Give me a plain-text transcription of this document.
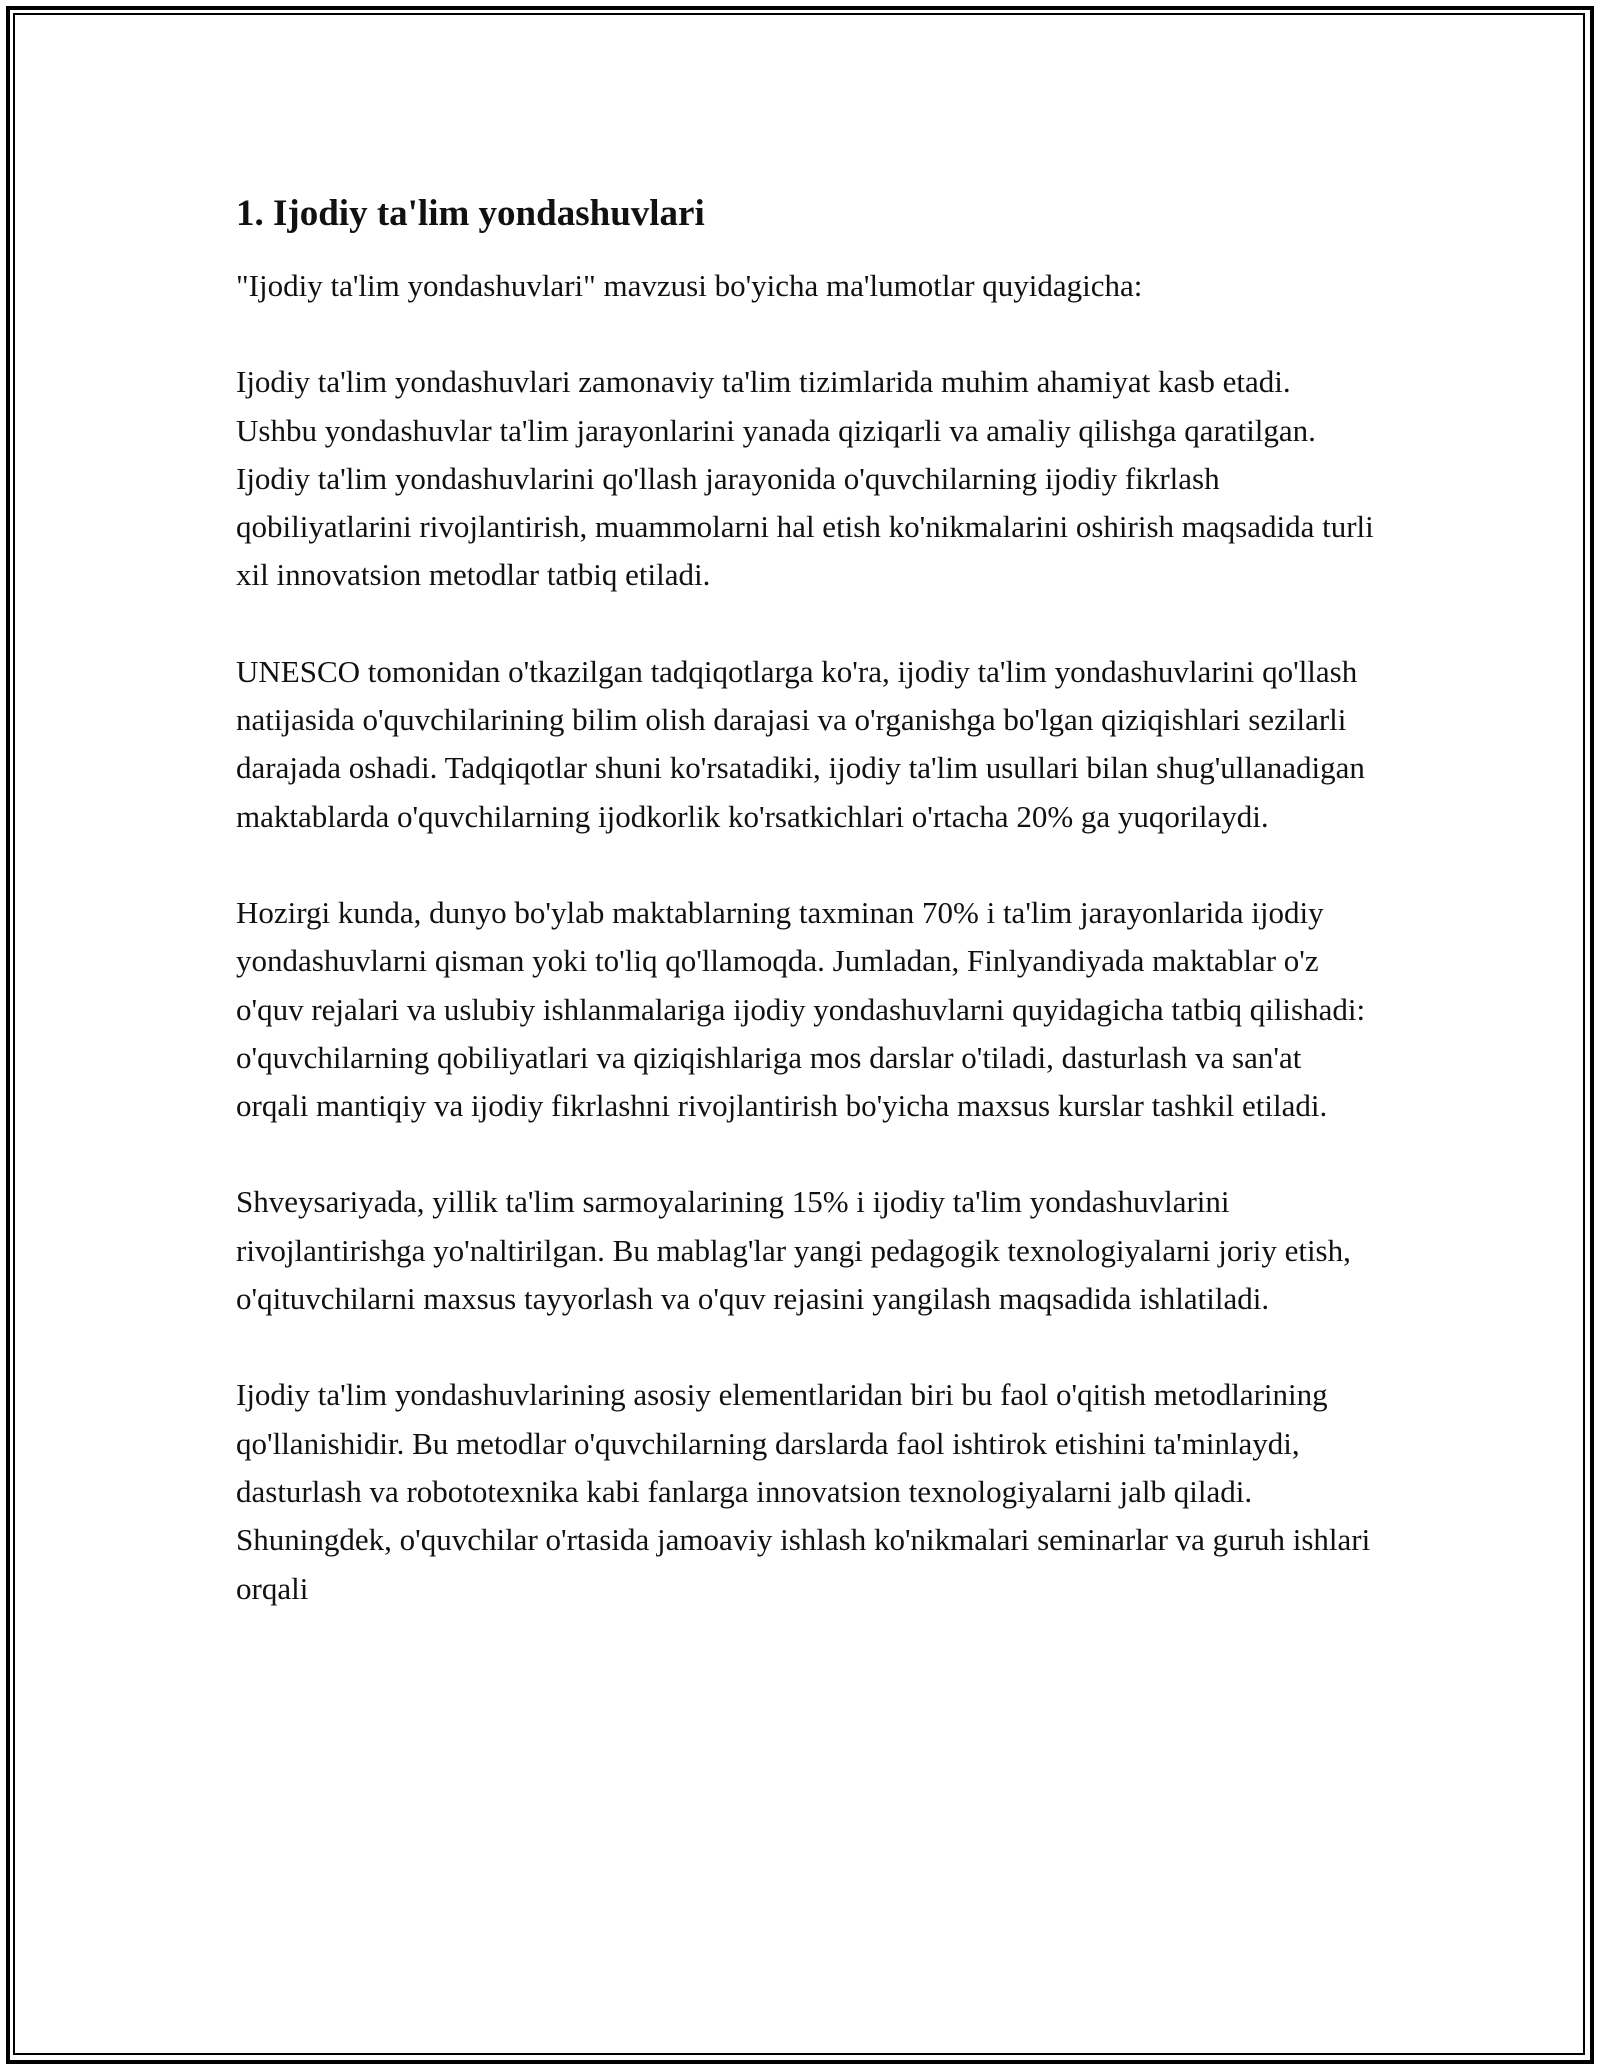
1. Ijodiy ta'lim yondashuvlari

"Ijodiy ta'lim yondashuvlari" mavzusi bo'yicha ma'lumotlar quyidagicha:

Ijodiy ta'lim yondashuvlari zamonaviy ta'lim tizimlarida muhim ahamiyat kasb etadi. Ushbu yondashuvlar ta'lim jarayonlarini yanada qiziqarli va amaliy qilishga qaratilgan. Ijodiy ta'lim yondashuvlarini qo'llash jarayonida o'quvchilarning ijodiy fikrlash qobiliyatlarini rivojlantirish, muammolarni hal etish ko'nikmalarini oshirish maqsadida turli xil innovatsion metodlar tatbiq etiladi.

UNESCO tomonidan o'tkazilgan tadqiqotlarga ko'ra, ijodiy ta'lim yondashuvlarini qo'llash natijasida o'quvchilarining bilim olish darajasi va o'rganishga bo'lgan qiziqishlari sezilarli darajada oshadi. Tadqiqotlar shuni ko'rsatadiki, ijodiy ta'lim usullari bilan shug'ullanadigan maktablarda o'quvchilarning ijodkorlik ko'rsatkichlari o'rtacha 20% ga yuqorilaydi.

Hozirgi kunda, dunyo bo'ylab maktablarning taxminan 70% i ta'lim jarayonlarida ijodiy yondashuvlarni qisman yoki to'liq qo'llamoqda. Jumladan, Finlyandiyada maktablar o'z o'quv rejalari va uslubiy ishlanmalariga ijodiy yondashuvlarni quyidagicha tatbiq qilishadi: o'quvchilarning qobiliyatlari va qiziqishlariga mos darslar o'tiladi, dasturlash va san'at orqali mantiqiy va ijodiy fikrlashni rivojlantirish bo'yicha maxsus kurslar tashkil etiladi.

Shveysariyada, yillik ta'lim sarmoyalarining 15% i ijodiy ta'lim yondashuvlarini rivojlantirishga yo'naltirilgan. Bu mablag'lar yangi pedagogik texnologiyalarni joriy etish, o'qituvchilarni maxsus tayyorlash va o'quv rejasini yangilash maqsadida ishlatiladi.

Ijodiy ta'lim yondashuvlarining asosiy elementlaridan biri bu faol o'qitish metodlarining qo'llanishidir. Bu metodlar o'quvchilarning darslarda faol ishtirok etishini ta'minlaydi, dasturlash va robototexnika kabi fanlarga innovatsion texnologiyalarni jalb qiladi. Shuningdek, o'quvchilar o'rtasida jamoaviy ishlash ko'nikmalari seminarlar va guruh ishlari orqali
